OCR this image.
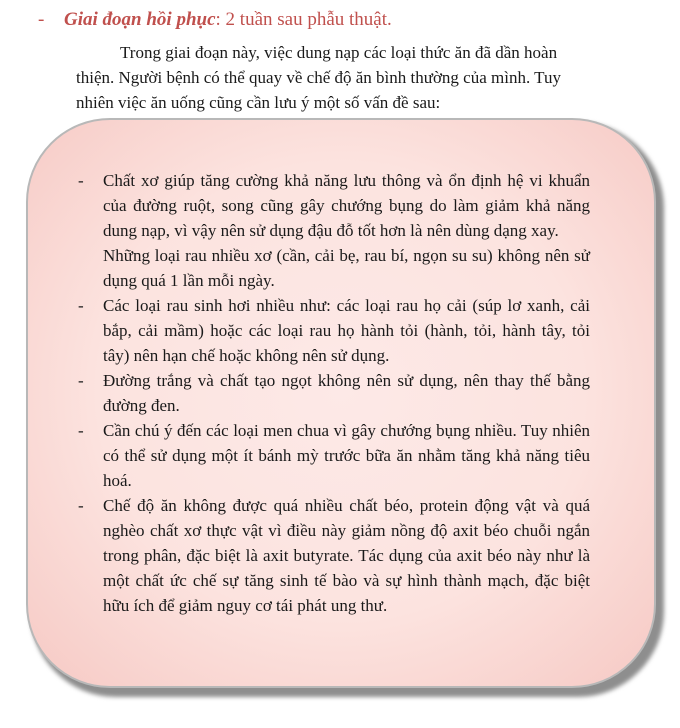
- Giai đoạn hồi phục: 2 tuần sau phẫu thuật.
Trong giai đoạn này, việc dung nạp các loại thức ăn đã dần hoàn
thiện. Người bệnh có thể quay về chế độ ăn bình thường của mình. Tuy
nhiên việc ăn uống cũng cần lưu ý một số vấn đề sau:
- Chất xơ giúp tăng cường khả năng lưu thông và ổn định hệ vi khuẩn của đường ruột, song cũng gây chướng bụng do làm giảm khả năng dung nạp, vì vậy nên sử dụng đậu đỗ tốt hơn là nên dùng dạng xay.
Những loại rau nhiều xơ (cần, cải bẹ, rau bí, ngọn su su) không nên sử dụng quá 1 lần mỗi ngày.
- Các loại rau sinh hơi nhiều như: các loại rau họ cải (súp lơ xanh, cải bắp, cải mầm) hoặc các loại rau họ hành tỏi (hành, tỏi, hành tây, tỏi tây) nên hạn chế hoặc không nên sử dụng.
- Đường trắng và chất tạo ngọt không nên sử dụng, nên thay thế bằng đường đen.
- Cần chú ý đến các loại men chua vì gây chướng bụng nhiều. Tuy nhiên có thể sử dụng một ít bánh mỳ trước bữa ăn nhằm tăng khả năng tiêu hoá.
- Chế độ ăn không được quá nhiều chất béo, protein động vật và quá nghèo chất xơ thực vật vì điều này giảm nồng độ axit béo chuỗi ngắn trong phân, đặc biệt là axit butyrate. Tác dụng của axit béo này như là một chất ức chế sự tăng sinh tế bào và sự hình thành mạch, đặc biệt hữu ích để giảm nguy cơ tái phát ung thư.
